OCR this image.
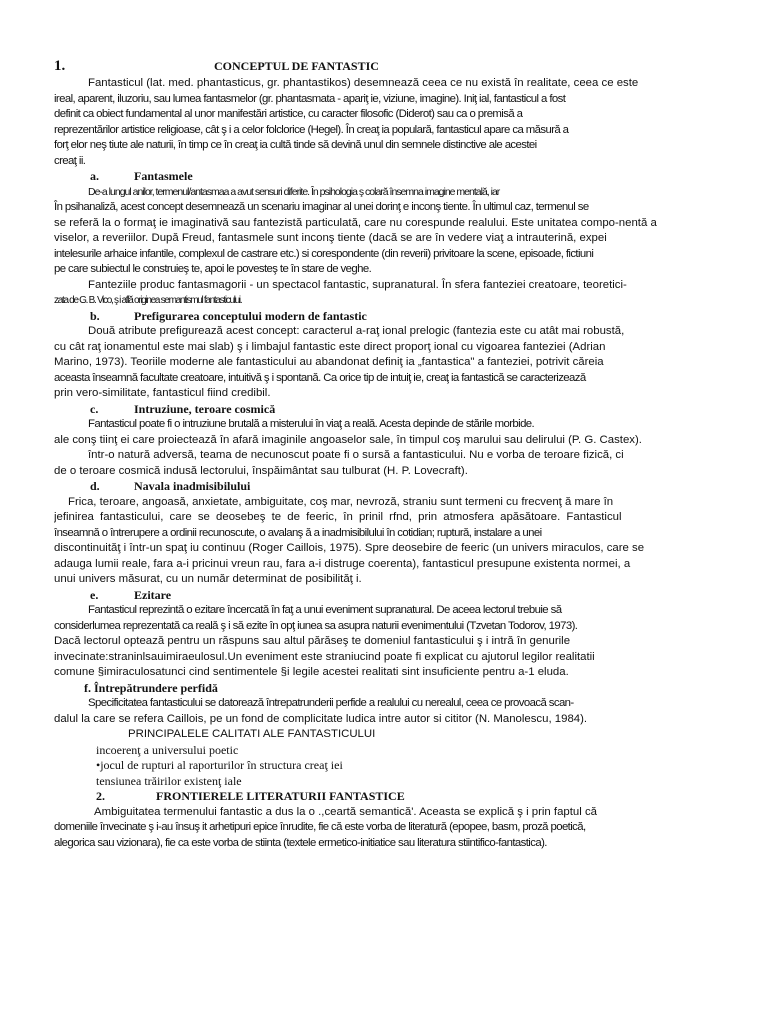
1.	CONCEPTUL DE FANTASTIC
Fantasticul (lat. med. phantasticus, gr. phantastikos) desemnează ceea ce nu există în realitate, ceea ce este
ireal, aparent, iluzoriu, sau lumea fantasmelor (gr. phantasmata - apariţ ie, viziune, imagine). Iniţ ial, fantasticul a fost
definit ca obiect fundamental al unor manifestări artistice, cu caracter filosofic (Diderot) sau ca o premisă a
reprezentărilor artistice religioase, cât ş i a celor folclorice (Hegel). În creaţ ia populară, fantasticul apare ca măsură a
forţ elor neş tiute ale naturii, în timp ce în creaţ ia cultă tinde să devină unul din semnele distinctive ale acestei
creaţ ii.
a.	Fantasmele
De-a lungul anilor, termenul/antasmaa a avut sensuri diferite. În psihologia ş colară însemna imagine mentală, iar
În psihanaliză, acest concept desemnează un scenariu imaginar al unei dorinţ e inconş tiente. În ultimul caz, termenul se
se referă la o formaţ ie imaginativă sau fantezistă particulată, care nu corespunde realului. Este unitatea compo-nentă a
viselor, a reveriilor. După Freud, fantasmele sunt inconş tiente (dacă se are în vedere viaţ a intrauterină, expei
intelesurile arhaice infantile, complexul de castrare etc.) si corespondente (din reverii) privitoare la scene, episoade, fictiuni
pe care subiectul le construieş te, apoi le povesteş te în stare de veghe.
Fanteziile produc fantasmagorii - un spectacol fantastic, supranatural. În sfera fanteziei creatoare, teoretici-
zata de G. B. Vico, ş i află originea semantismul fantasticului.
b.	Prefigurarea conceptului modern de fantastic
Două atribute prefigurează acest concept: caracterul a-raţ ional prelogic (fantezia este cu atât mai robustă,
cu cât raţ ionamentul este mai slab) ş i limbajul fantastic este direct proporţ ional cu vigoarea fanteziei (Adrian
Marino, 1973). Teoriile moderne ale fantasticului au abandonat definiţ ia „fantastica" a fanteziei, potrivit căreia
aceasta înseamnă facultate creatoare, intuitivă ş i spontană. Ca orice tip de intuiţ ie, creaţ ia fantastică se caracterizează
prin vero-similitate, fantasticul fiind credibil.
c.	Intruziune, teroare cosmică
Fantasticul poate fi o intruziune brutală a misterului în viaţ a reală. Acesta depinde de stările morbide.
ale conş tiinţ ei care proiectează în afară imaginile angoaselor sale, în timpul coş marului sau delirului (P. G. Castex).
într-o natură adversă, teama de necunoscut poate fi o sursă a fantasticului. Nu e vorba de teroare fizică, ci
de o teroare cosmică indusă lectorului, înspăimântat sau tulburat (H. P. Lovecraft).
d.	Navala inadmisibilului
Frica, teroare, angoasă, anxietate, ambiguitate, coş mar, nevroză, straniu sunt termeni cu frecvenţ ă mare în
jefinirea fantasticului, care se deosebeş te de feeric, în prinil rfnd, prin atmosfera apăsătoare. Fantasticul
înseamnă o întrerupere a ordinii recunoscute, o avalanş ă a inadmisibilului în cotidian; ruptură, instalare a unei
discontinuităţ i într-un spaţ iu continuu (Roger Caillois, 1975). Spre deosebire de feeric (un univers miraculos, care se
adauga lumii reale, fara a-i pricinui vreun rau, fara a-i distruge coerenta), fantasticul presupune existenta normei, a
unui univers măsurat, cu un număr determinat de posibilităţ i.
e.	Ezitare
Fantasticul reprezintă o ezitare încercată în faţ a unui eveniment supranatural. De aceea lectorul trebuie să
considerlumea reprezentată ca reală ş i să ezite în opţ iunea sa asupra naturii evenimentului (Tzvetan Todorov, 1973).
Dacă lectorul optează pentru un răspuns sau altul părăseş te domeniul fantasticului ş i intră în genurile
invecinate:straninlsauimiraeulosul.Un eveniment este straniucind poate fi explicat cu ajutorul legilor realitatii
comune §imiraculosatunci cind sentimentele §i legile acestei realitati sint insuficiente pentru a-1 eluda.
f. Întrepătrundere perfidă
Specificitatea fantasticului se datorează întrepatrunderii perfide a realului cu nerealul, ceea ce provoacă scan-
dalul la care se refera Caillois, pe un fond de complicitate ludica intre autor si cititor (N. Manolescu, 1984).
PRINCIPALELE CALITATI ALE FANTASTICULUI
incoerenţ a universului poetic
•jocul de rupturi al raporturilor în structura creaţ iei
tensiunea trăirilor existenţ iale
2.	FRONTIERELE LITERATURII FANTASTICE
Ambiguitatea termenului fantastic a dus la o .,ceartă semantică'. Aceasta se explică ş i prin faptul că
domeniile învecinate ş i-au însuş it arhetipuri epice înrudite, fie că este vorba de literatură (epopee, basm, proză poetică,
alegorica sau vizionara), fie ca este vorba de stiinta (textele ermetico-initiatice sau literatura stiintifico-fantastica).
